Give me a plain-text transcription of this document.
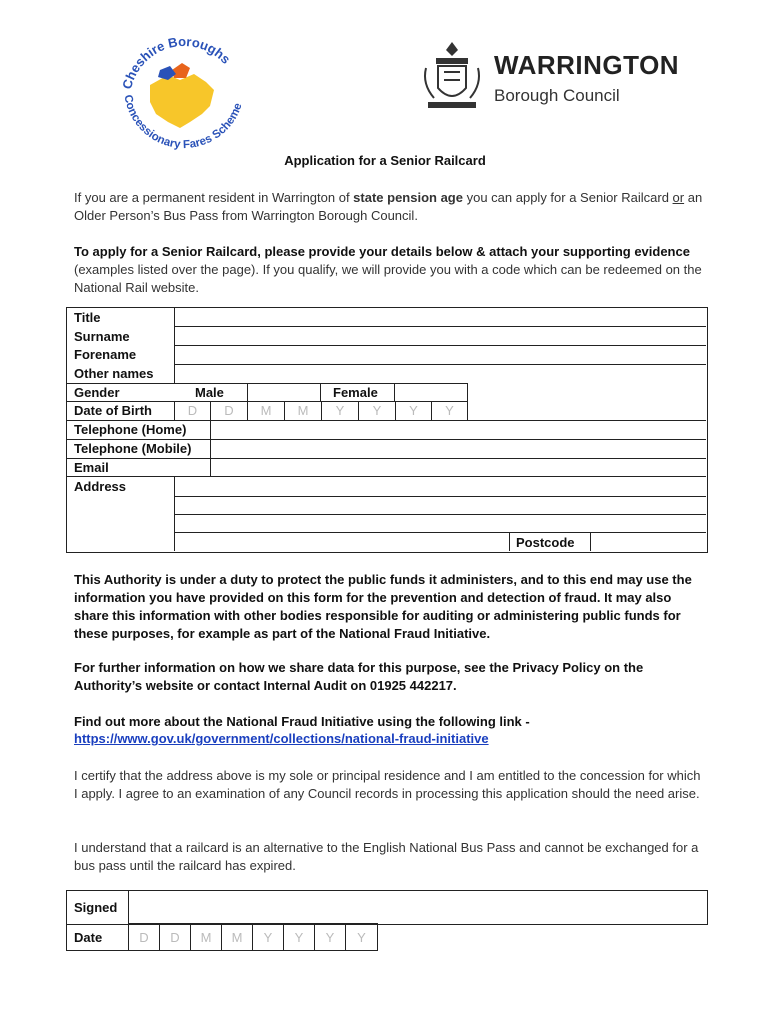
Cheshire Boroughs
Concessionary Fares Scheme
WARRINGTON
Borough Council
Application for a Senior Railcard

If you are a permanent resident in Warrington of state pension age you can apply for a Senior Railcard or an Older Person’s Bus Pass from Warrington Borough Council.

To apply for a Senior Railcard, please provide your details below & attach your supporting evidence (examples listed over the page). If you qualify, we will provide you with a code which can be redeemed on the National Rail website.

Title
Surname
Forename
Other names
Gender	Male	Female
Date of Birth	D	D	M	M	Y	Y	Y	Y
Telephone (Home)
Telephone (Mobile)
Email
Address
Postcode

This Authority is under a duty to protect the public funds it administers, and to this end may use the information you have provided on this form for the prevention and detection of fraud. It may also share this information with other bodies responsible for auditing or administering public funds for these purposes, for example as part of the National Fraud Initiative.

For further information on how we share data for this purpose, see the Privacy Policy on the Authority’s website or contact Internal Audit on 01925 442217.

Find out more about the National Fraud Initiative using the following link -

https://www.gov.uk/government/collections/national-fraud-initiative

I certify that the address above is my sole or principal residence and I am entitled to the concession for which I apply. I agree to an examination of any Council records in processing this application should the need arise.

I understand that a railcard is an alternative to the English National Bus Pass and cannot be exchanged for a bus pass until the railcard has expired.

Signed
Date	D	D	M	M	Y	Y	Y	Y
